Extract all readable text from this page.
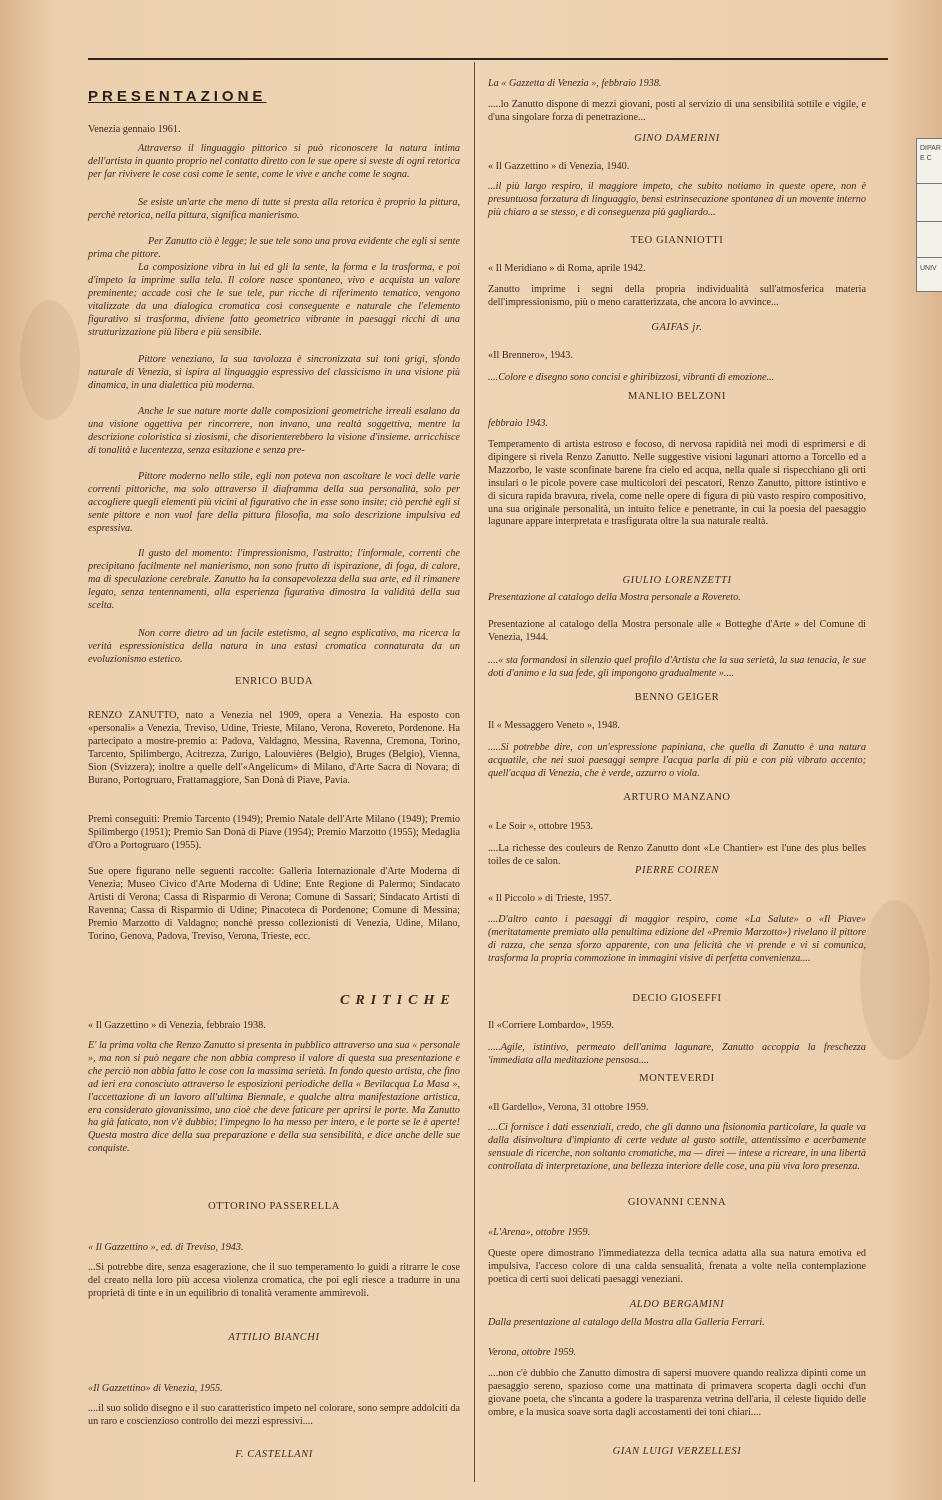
DIPAR
E C
UNIV
PRESENTAZIONE
Venezia gennaio 1961.
Attraverso il linguaggio pittorico si può riconoscere la natura intima dell'artista in quanto proprio nel contatto diretto con le sue opere si sveste di ogni retorica per far rivivere le cose così come le sente, come le vive e anche come le sogna.
Se esiste un'arte che meno di tutte si presta alla retorica è proprio la pittura, perchè retorica, nella pittura, significa manierismo.
Per Zanutto ciò è legge; le sue tele sono una prova evidente che egli si sente prima che pittore.
La composizione vibra in lui ed gli la sente, la forma e la trasforma, e poi d'impeto la imprime sulla tela. Il colore nasce spontaneo, vivo e acquista un valore preminente; accade così che le sue tele, pur ricche di riferimento tematico, vengono vitalizzate da una dialogica cromatica così conseguente e naturale che l'elemento figurativo si trasforma, diviene fatto geometrico vibrante in paesaggi ricchi di una strutturizzazione più libera e più sensibile.
Pittore veneziano, la sua tavolozza è sincronizzata sui toni grigi, sfondo naturale di Venezia, si ispira al linguaggio espressivo del classicismo in una visione più dinamica, in una dialettica più moderna.
Anche le sue nature morte dalle composizioni geometriche irreali esalano da una visione oggettiva per rincorrere, non invano, una realtà soggettiva, mentre la descrizione coloristica si ziosismi, che disorienterebbero la visione d'insieme. arricchisce di tonalità e lucentezza, senza esitazione e senza pre-
Pittore moderno nello stile, egli non poteva non ascoltare le voci delle varie correnti pittoriche, ma solo attraverso il diaframma della sua personalità, solo per accogliere quegli elementi più vicini al figurativo che in esse sono insite; ciò perchè egli si sente pittore e non vuol fare della pittura filosofia, ma solo descrizione impulsiva ed espressiva.
Il gusto del momento: l'impressionismo, l'astratto; l'informale, correnti che precipitano facilmente nel manierismo, non sono frutto di ispirazione, di foga, di calore, ma di speculazione cerebrale. Zanutto ha la consapevolezza della sua arte, ed il rimanere legato, senza tentennamenti, alla esperienza figurativa dimostra la validità della sua scelta.
Non corre dietro ad un facile estetismo, al segno esplicativo, ma ricerca la verità espressionistica della natura in una estasi cromatica connaturata da un evoluzionismo estetico.
ENRICO BUDA
RENZO ZANUTTO, nato a Venezia nel 1909, opera a Venezia. Ha esposto con «personali» a Venezia, Treviso, Udine, Trieste, Milano, Verona, Rovereto, Pordenone. Ha partecipato a mostre-premio a: Padova, Valdagno, Messina, Ravenna, Cremona, Torino, Tarcento, Spilimbergo, Acitrezza, Zurigo, Lalouvières (Belgio), Bruges (Belgio), Vienna, Sion (Svizzera); inoltre a quelle dell'«Angelicum» di Milano, d'Arte Sacra di Novara; di Burano, Portogruaro, Frattamaggiore, San Donà di Piave, Pavia.
Premi conseguiti: Premio Tarcento (1949); Premio Natale dell'Arte Milano (1949); Premio Spilimbergo (1951); Premio San Donà di Piave (1954); Premio Marzotto (1955); Medaglia d'Oro a Portogruaro (1955).
Sue opere figurano nelle seguenti raccolte: Galleria Internazionale d'Arte Moderna di Venezia; Museo Civico d'Arte Moderna di Udine; Ente Regione di Palermo; Sindacato Artisti di Verona; Cassa di Risparmio di Verona; Comune di Sassari; Sindacato Artisti di Ravenna; Cassa di Risparmio di Udine; Pinacoteca di Pordenone; Comune di Messina; Premio Marzotto di Valdagno; nonchè presso collezionisti di Venezia, Udine, Milano, Torino, Genova, Padova, Treviso, Verona, Trieste, ecc.
CRITICHE
« Il Gazzettino » di Venezia, febbraio 1938.
E' la prima volta che Renzo Zanutto si presenta in pubblico attraverso una sua « personale », ma non si può negare che non abbia compreso il valore di questa sua presentazione e che perciò non abbia fatto le cose con la massima serietà. In fondo questo artista, che fino ad ieri era conosciuto attraverso le esposizioni periodiche della « Bevilacqua La Masa », l'accettazione di un lavoro all'ultima Biennale, e qualche altra manifestazione artistica, era considerato giovanissimo, uno cioè che deve faticare per aprirsi le porte. Ma Zanutto ha già faticato, non v'è dubbio; l'impegno lo ha messo per intero, e le porte se le è aperte! Questa mostra dice della sua preparazione e della sua sensibilità, e dice anche delle sue conquiste.
OTTORINO PASSERELLA
« Il Gazzettino », ed. di Treviso, 1943.
...Si potrebbe dire, senza esagerazione, che il suo temperamento lo guidi a ritrarre le cose del creato nella loro più accesa violenza cromatica, che poi egli riesce a tradurre in una proprietà di tinte e in un equilibrio di tonalità veramente ammirevoli.
ATTILIO BIANCHI
«Il Gazzettino» di Venezia, 1955.
....il suo solido disegno e il suo caratteristico impeto nel colorare, sono sempre addolciti da un raro e coscienzioso controllo dei mezzi espressivi....
F. CASTELLANI
La « Gazzetta di Venezia », febbraio 1938.
.....lo Zanutto dispone di mezzi giovani, posti al servizio di una sensibilità sottile e vigile, e d'una singolare forza di penetrazione...
GINO DAMERINI
« Il Gazzettino » di Venezia, 1940.
...il più largo respiro, il maggiore impeto, che subito notiamo in queste opere, non è presuntuosa forzatura di linguaggio, bensì estrinsecazione spontanea di un movente interno più chiaro a se stesso, e di conseguenza più gagliardo...
TEO GIANNIOTTI
« Il Meridiano » di Roma, aprile 1942.
Zanutto imprime i segni della propria individualità sull'atmosferica materia dell'impressionismo, più o meno caratterizzata, che ancora lo avvince...
GAIFAS jr.
«Il Brennero», 1943.
....Colore e disegno sono concisi e ghiribizzosi, vibranti di emozione...
MANLIO BELZONI
febbraio 1943.
Temperamento di artista estroso e focoso, di nervosa rapidità nei modi di esprimersi e di dipingere si rivela Renzo Zanutto. Nelle suggestive visioni lagunari attorno a Torcello ed a Mazzorbo, le vaste sconfinate barene fra cielo ed acqua, nella quale si rispecchiano gli orti insulari o le picole povere case multicolori dei pescatori, Renzo Zanutto, pittore istintivo e di sicura rapida bravura, rivela, come nelle opere di figura di più vasto respiro compositivo, una sua originale personalità, un intuito felice e penetrante, in cui la poesia del paesaggio lagunare appare interpretata e trasfigurata oltre la sua naturale realtà.
GIULIO LORENZETTI
Presentazione al catalogo della Mostra personale a Rovereto.
Presentazione al catalogo della Mostra personale alle « Botteghe d'Arte » del Comune di Venezia, 1944.
....« sta formandosi in silenzio quel profilo d'Artista che la sua serietà, la sua tenacia, le sue doti d'animo e la sua fede, gli impongono gradualmente »....
BENNO GEIGER
Il « Messaggero Veneto », 1948.
.....Si potrebbe dire, con un'espressione papiniana, che quella di Zanutto è una natura acquatile, che nei suoi paesaggi sempre l'acqua parla di più e con più vibrato accento; quell'acqua di Venezia, che è verde, azzurro o viola.
ARTURO MANZANO
« Le Soir », ottobre 1953.
....La richesse des couleurs de Renzo Zanutto dont «Le Chantier» est l'une des plus belles toiles de ce salon.
PIERRE COIREN
« Il Piccolo » di Trieste, 1957.
....D'altro canto i paesaggi di maggior respiro, come «La Salute» o «Il Piave» (meritatamente premiato alla penultima edizione del «Premio Marzotto») rivelano il pittore di razza, che senza sforzo apparente, con una felicità che vi prende e vi si comunica, trasforma la propria commozione in immagini visive di perfetta convenienza....
DECIO GIOSEFFI
Il «Corriere Lombardo», 1959.
.....Agile, istintivo, permeato dell'anima lagunare, Zanutto accoppia la freschezza 'immediata alla meditazione pensosa....
MONTEVERDI
«Il Gardello», Verona, 31 ottobre 1959.
....Ci fornisce i dati essenziali, credo, che gli danno una fisionomia particolare, la quale va dalla disinvoltura d'impianto di certe vedute al gusto sottile, attentissimo e acerbamente sensuale di ricerche, non soltanto cromatiche, ma — direi — intese a ricreare, in una libertà controllata di interpretazione, una bellezza interiore delle cose, una più viva loro presenza.
GIOVANNI CENNA
«L'Arena», ottobre 1959.
Queste opere dimostrano l'immediatezza della tecnica adatta alla sua natura emotiva ed impulsiva, l'acceso colore di una calda sensualità, frenata a volte nella contemplazione poetica di certi suoi delicati paesaggi veneziani.
ALDO BERGAMINI
Dalla presentazione al catalogo della Mostra alla Galleria Ferrari.
Verona, ottobre 1959.
....non c'è dubbio che Zanutto dimostra di sapersi muovere quando realizza dipinti come un paesaggio sereno, spazioso come una mattinata di primavera scoperta dagli occhi d'un giovane poeta, che s'incanta a godere la trasparenza vetrina dell'aria, il celeste liquido delle ombre, e la musica soave sorta dagli accostamenti dei toni chiari....
GIAN LUIGI VERZELLESI
